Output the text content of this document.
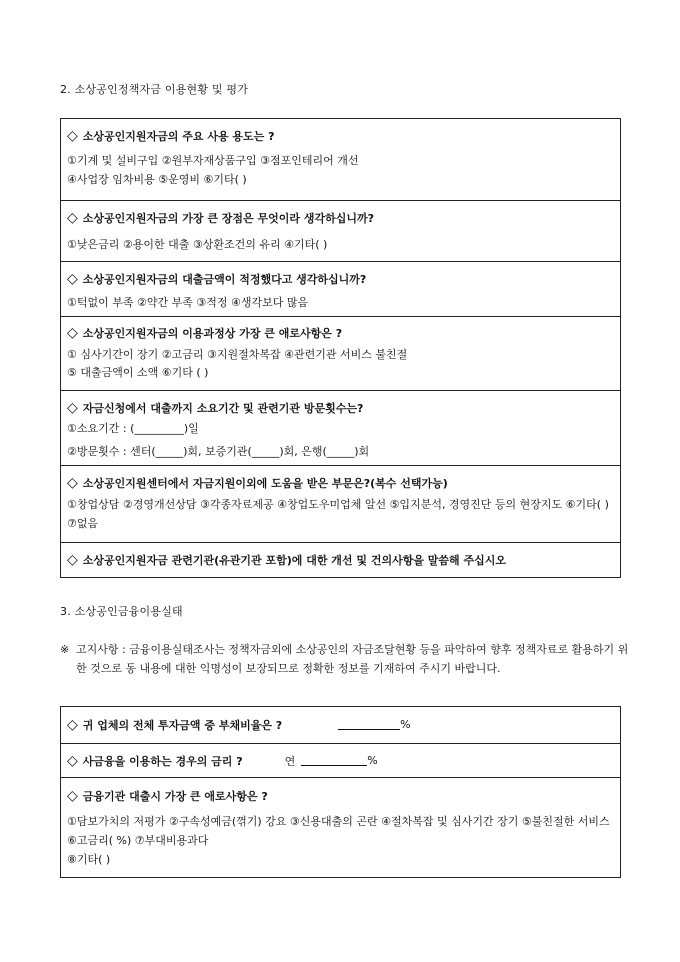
2. 소상공인정책자금 이용현황 및 평가
◇ 소상공인지원자금의 주요 사용 용도는 ?
①기계 및 설비구입 ②원부자재상품구입 ③점포인테리어 개선
④사업장 임차비용 ⑤운영비 ⑥기타( )
◇ 소상공인지원자금의 가장 큰 장점은 무엇이라 생각하십니까?
①낮은금리 ②용이한 대출 ③상환조건의 유리 ④기타( )
◇ 소상공인지원자금의 대출금액이 적정했다고 생각하십니까?
①턱없이 부족 ②약간 부족 ③적정 ④생각보다 많음
◇ 소상공인지원자금의 이용과정상 가장 큰 애로사항은 ?
① 심사기간이 장기 ②고금리 ③지원절차복잡 ④관련기관 서비스 불친절
⑤ 대출금액이 소액 ⑥기타 ( )
◇ 자금신청에서 대출까지 소요기간 및 관련기관 방문횟수는?
①소요기간 : (_________)일
②방문횟수 : 센터(_____)회, 보증기관(_____)회, 은행(_____)회
◇ 소상공인지원센터에서 자금지원이외에 도움을 받은 부문은?(복수 선택가능)
①창업상담 ②경영개선상담 ③각종자료제공 ④창업도우미업체 알선 ⑤입지분석, 경영진단 등의 현장지도 ⑥기타( ) ⑦없음
◇ 소상공인지원자금 관련기관(유관기관 포함)에 대한 개선 및 건의사항을 말씀해 주십시오
3. 소상공인금융이용실태
※ 고지사항 : 금융이용실태조사는 정책자금외에 소상공인의 자금조달현황 등을 파악하여 향후 정책자료로 활용하기 위한 것으로 동 내용에 대한 익명성이 보장되므로 정확한 정보를 기재하여 주시기 바랍니다.
◇ 귀 업체의 전체 투자금액 중 부채비율은 ?	%
◇ 사금융을 이용하는 경우의 금리 ?	연	%
◇ 금융기관 대출시 가장 큰 애로사항은 ?
①담보가치의 저평가 ②구속성예금(꺾기) 강요 ③신용대출의 곤란 ④절차복잡 및 심사기간 장기 ⑤불친절한 서비스 ⑥고금리( %) ⑦부대비용과다
⑧기타( )
